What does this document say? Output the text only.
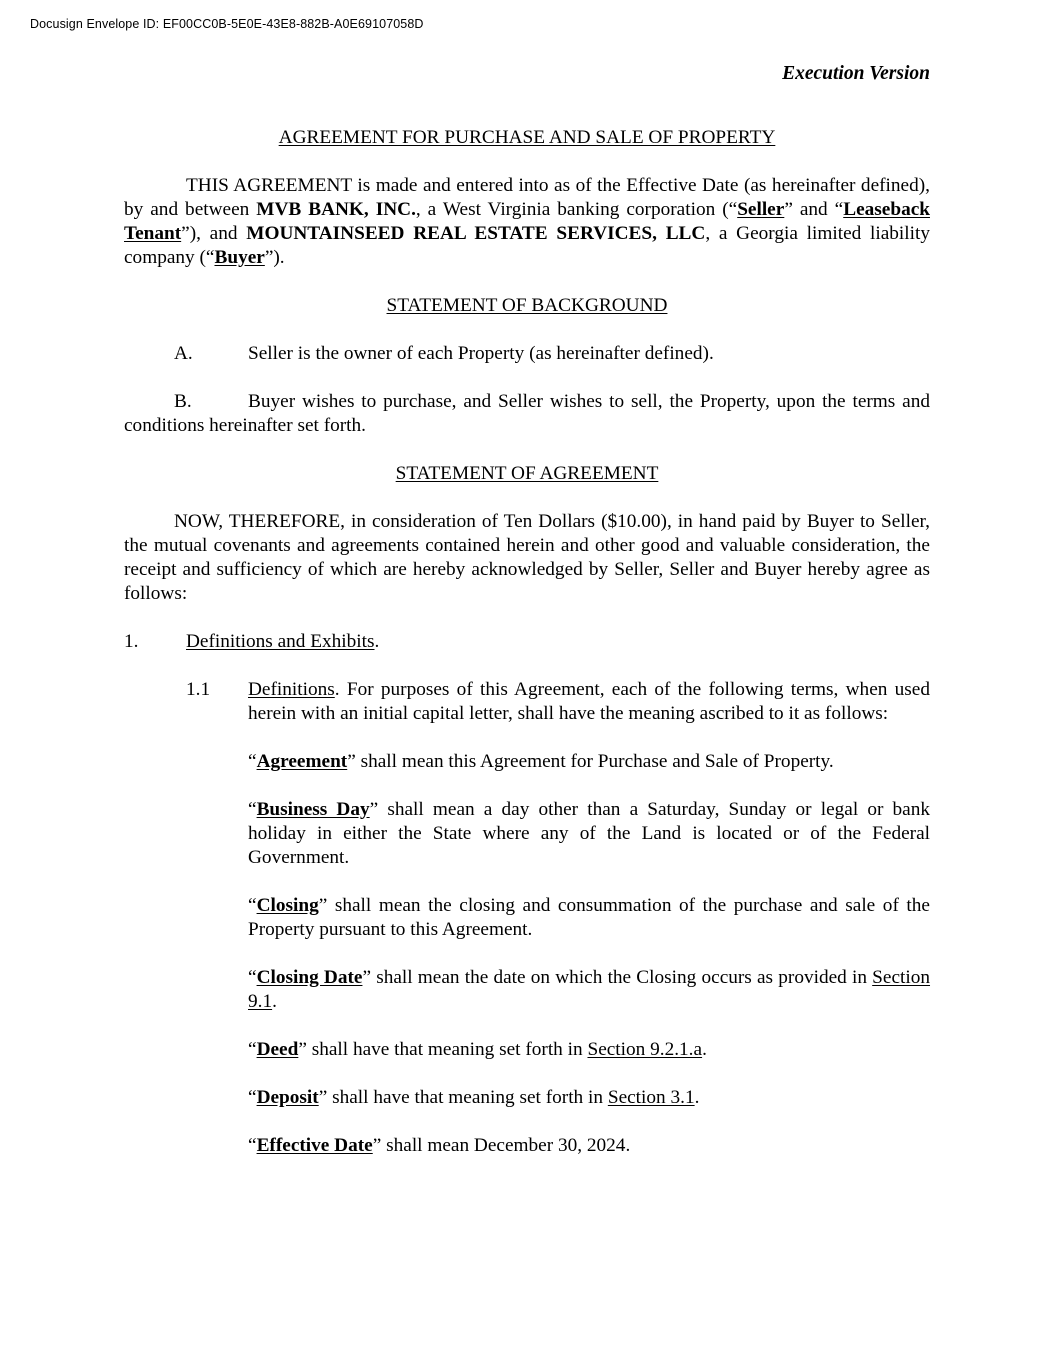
Docusign Envelope ID: EF00CC0B-5E0E-43E8-882B-A0E69107058D
Execution Version

AGREEMENT FOR PURCHASE AND SALE OF PROPERTY

THIS AGREEMENT is made and entered into as of the Effective Date (as hereinafter defined), by and between MVB BANK, INC., a West Virginia banking corporation (“Seller” and “Leaseback Tenant”), and MOUNTAINSEED REAL ESTATE SERVICES, LLC, a Georgia limited liability company (“Buyer”).

STATEMENT OF BACKGROUND

A.	Seller is the owner of each Property (as hereinafter defined).

B.	Buyer wishes to purchase, and Seller wishes to sell, the Property, upon the terms and conditions hereinafter set forth.

STATEMENT OF AGREEMENT

NOW, THEREFORE, in consideration of Ten Dollars ($10.00), in hand paid by Buyer to Seller, the mutual covenants and agreements contained herein and other good and valuable consideration, the receipt and sufficiency of which are hereby acknowledged by Seller, Seller and Buyer hereby agree as follows:

1.	Definitions and Exhibits.
1.1	Definitions. For purposes of this Agreement, each of the following terms, when used herein with an initial capital letter, shall have the meaning ascribed to it as follows:

“Agreement” shall mean this Agreement for Purchase and Sale of Property.

“Business Day” shall mean a day other than a Saturday, Sunday or legal or bank holiday in either the State where any of the Land is located or of the Federal Government.

“Closing” shall mean the closing and consummation of the purchase and sale of the Property pursuant to this Agreement.

“Closing Date” shall mean the date on which the Closing occurs as provided in Section 9.1.

“Deed” shall have that meaning set forth in Section 9.2.1.a.

“Deposit” shall have that meaning set forth in Section 3.1.

“Effective Date” shall mean December 30, 2024.
